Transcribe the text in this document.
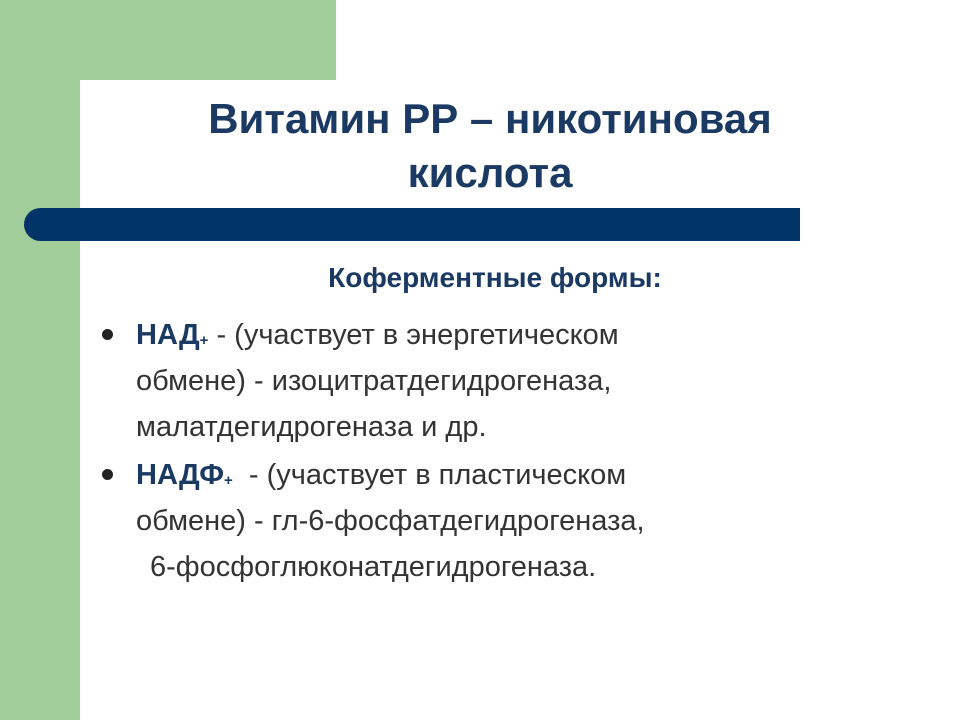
Витамин РР – никотиновая
кислота
Коферментные формы:
НАД+ - (участвует в энергетическом
обмене) - изоцитратдегидрогеназа,
малатдегидрогеназа и др.
НАДФ+  - (участвует в пластическом
обмене) - гл-6-фосфатдегидрогеназа,
6-фосфоглюконатдегидрогеназа.
